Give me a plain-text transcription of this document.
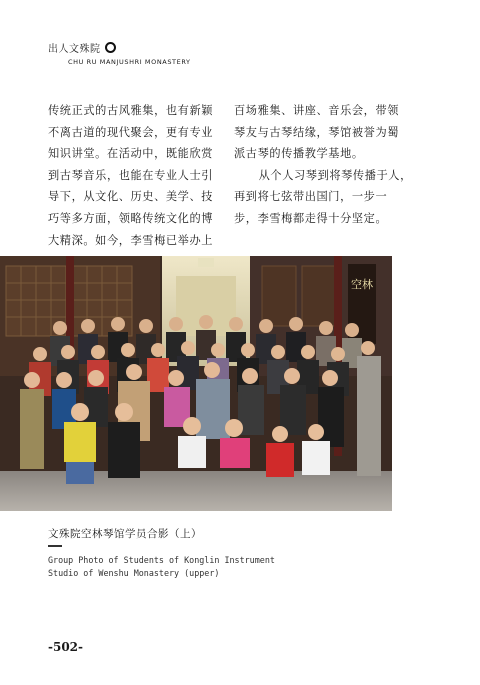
出人文殊院
CHU RU MANJUSHRI MONASTERY

传统正式的古风雅集，也有新颖

不离古道的现代聚会，更有专业

知识讲堂。在活动中，既能欣赏

到古琴音乐，也能在专业人士引

导下，从文化、历史、美学、技

巧等多方面，领略传统文化的博

大精深。如今，李雪梅已举办上

百场雅集、讲座、音乐会，带领

琴友与古琴结缘，琴馆被誉为蜀

派古琴的传播教学基地。

从个人习琴到将琴传播于人，

再到将七弦带出国门，一步一

步，李雪梅都走得十分坚定。

空林
文殊院空林琴馆学员合影（上）
Group Photo of Students of Konglin Instrument
Studio of Wenshu Monastery (upper)
-502-
